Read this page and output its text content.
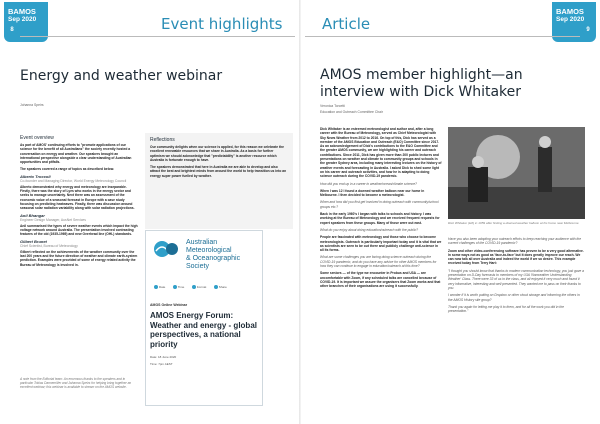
BAMOS
Sep 2020
8	Event highlights
BAMOS
Sep 2020
9
Article
Energy and weather webinar
Johanna Speirs
Event overview

As part of AMOS' continuing efforts to "promote applications of our science for the benefit of all Australians" the society recently hosted a conversation on energy and weather. Our speakers brought an international perspective alongside a clear understanding of Australian opportunities and pitfalls.

The speakers covered a range of topics as described below.

Alberto Troccoli
Co-founder and Managing Director, World Energy Meteorology Council

Alberto demonstrated why energy and meteorology are inseparable. Firstly, there was the story of Lyes who works in the energy sector and seeks to manage uncertainty. Next there was an assessment of the economic value of a seasonal forecast in Europe with a case study focusing on predicting heatwaves. Finally, there was discussion around seasonal solar radiation variability along with solar radiation projections.

Anil Bhangar
Engineer Design Manager, AusNet Services

Anil summarised the types of severe weather events which impact the high voltage network around Australia. The presentation involved contrasting features of the old (1935-1969) and new Overhead line (OHL) standards.

Gilbert Brunet
Chief Scientist, Bureau of Meteorology

Gilbert reflected on the achievements of the weather community over the last 200 years and the future direction of weather and climate earth-system prediction. Examples were provided of some of energy related activity the Bureau of Meteorology is involved in.

A note from the Editorial team: An enormous thanks to the speakers and in particular Tobias Dannemiller and Johanna Speirs for helping bring together an excellent webinar; this webinar is available to stream on the AMOS website.
Reflections

Our community delights when our science is applied, for this reason we celebrate the excellent renewable resources that we share in Australia. As a basis for further optimism we should acknowledge that "predictability" is another resource which Australia is fortunate enough to have.

The speakers demonstrated that here in Australia we are able to develop and also attract the best and brightest minds from around the world to help transition us into an energy super power fuelled by weather.

Australian
Meteorological
& Oceanographic
Society
Date	Time	Format	Share
AMOS Online Webinar
AMOS Energy Forum: Weather and energy - global perspectives, a national priority
Date: 18 June 2020
Time: 7pm AEST
AMOS member highlight—an interview with Dick Whitaker
Veronica Torcetti
Education and Outreach Committee Chair

Dick Whitaker is an esteemed meteorologist and author and, after a long career with the Bureau of Meteorology, served as Chief Meteorologist with Sky News Weather from 2012 to 2016. On top of this, Dick has served as a member of the AMOS Education and Outreach (E&O) Committee since 2017. As an acknowledgement of Dick's contributions to the E&O Committee and the greater AMOS community, we are highlighting his career and outreach contributions. Since 2011, Dick has given more than 200 public lectures and presentations on weather and climate to community groups and schools in the greater Sydney area, including many interesting lectures on the history of weather events and forecasting in Australia. I asked Dick to shed some light on his career and outreach activities, and how he is adapting to doing science outreach during the COVID-19 pandemic.

How did you end up in a career in weather/ocean/climate science?

When I was 12 I found a downed weather balloon near our home in Melbourne. I then decided to become a meteorologist.

When and how did you first get involved in doing outreach with community/school groups etc.?

Back in the early 1960's I began with talks to schools and history. I was working at the Bureau of Meteorology and we received frequent requests for expert speakers from these groups. Many of those were out east.

What do you enjoy about doing education/outreach with the public?

People are fascinated with meteorology and those who choose to become meteorologists. Outreach is particularly important today and it is vital that we as scientists are seen to be out there and publicly challenge anti-science in all its forms.

What are some challenges you are facing doing science outreach during the COVID-19 pandemic, and do you have any advice for other AMOS members for how they can continue to engage in education/outreach at this time?

Some seniors — of the type we encounter in Probus and U3A — are uncomfortable with Zoom, if any scheduled talks are cancelled because of COVID-19. It is important we assure the organisers that Zoom works and that other branches of their organisations are using it successfully.

Dick Whitaker (left) in 1959 after finding a downed weather balloon at his home near Melbourne.

Have you also been adopting your outreach efforts to keep reaching your audience with the current challenges of the COVID-19 pandemic?

Zoom and other video-conferencing software has proven to be a very good alternative. In some ways not as good as 'face-to-face' but it does greatly improve our reach. We can now talk all over Australia and indeed the world if we so desire. This example received today from Terry Hart:

"I thought you should know that thanks to modern communication technology, you just gave a presentation on D-Day forecasts to members of my U3A 'Nonweather Understanding Weather' Class. There were 33 of us in the class, and all enjoyed it very much and found it very informative, interesting and well presented. They wanted me to pass on their thanks to you.

I wonder if it is worth putting on Dropbox or other cloud storage and informing the others in the AMOS History site group?

Thank you again for letting me play it to them, and for all the work you did in the presentation."
